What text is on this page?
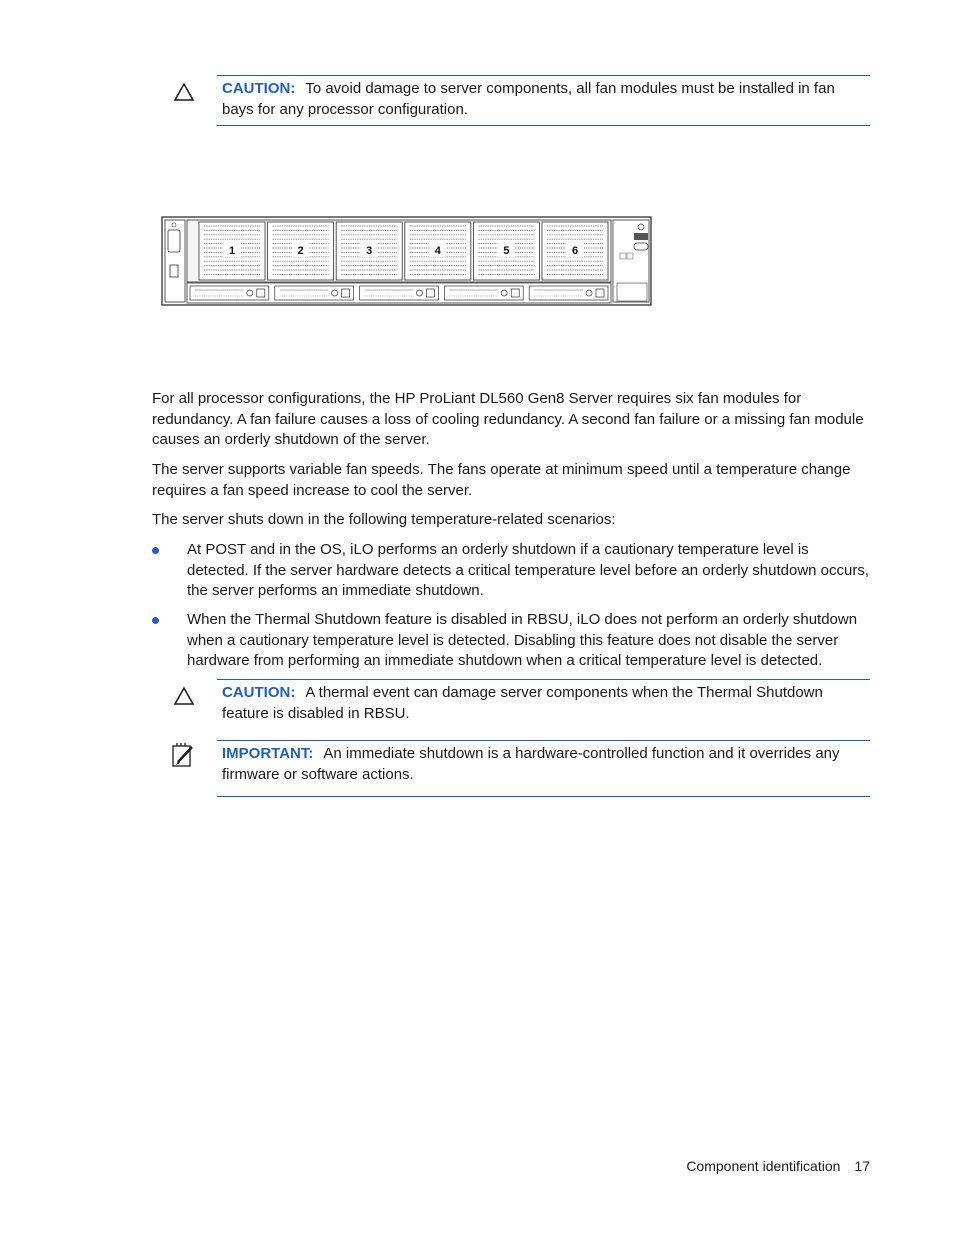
CAUTION: To avoid damage to server components, all fan modules must be installed in fan bays for any processor configuration.
1	2	3	4	5	6

For all processor configurations, the HP ProLiant DL560 Gen8 Server requires six fan modules for redundancy. A fan failure causes a loss of cooling redundancy. A second fan failure or a missing fan module causes an orderly shutdown of the server.

The server supports variable fan speeds. The fans operate at minimum speed until a temperature change requires a fan speed increase to cool the server.

The server shuts down in the following temperature-related scenarios:

At POST and in the OS, iLO performs an orderly shutdown if a cautionary temperature level is detected. If the server hardware detects a critical temperature level before an orderly shutdown occurs, the server performs an immediate shutdown.
When the Thermal Shutdown feature is disabled in RBSU, iLO does not perform an orderly shutdown when a cautionary temperature level is detected. Disabling this feature does not disable the server hardware from performing an immediate shutdown when a critical temperature level is detected.
CAUTION: A thermal event can damage server components when the Thermal Shutdown feature is disabled in RBSU.
IMPORTANT: An immediate shutdown is a hardware-controlled function and it overrides any firmware or software actions.
Component identification 17
